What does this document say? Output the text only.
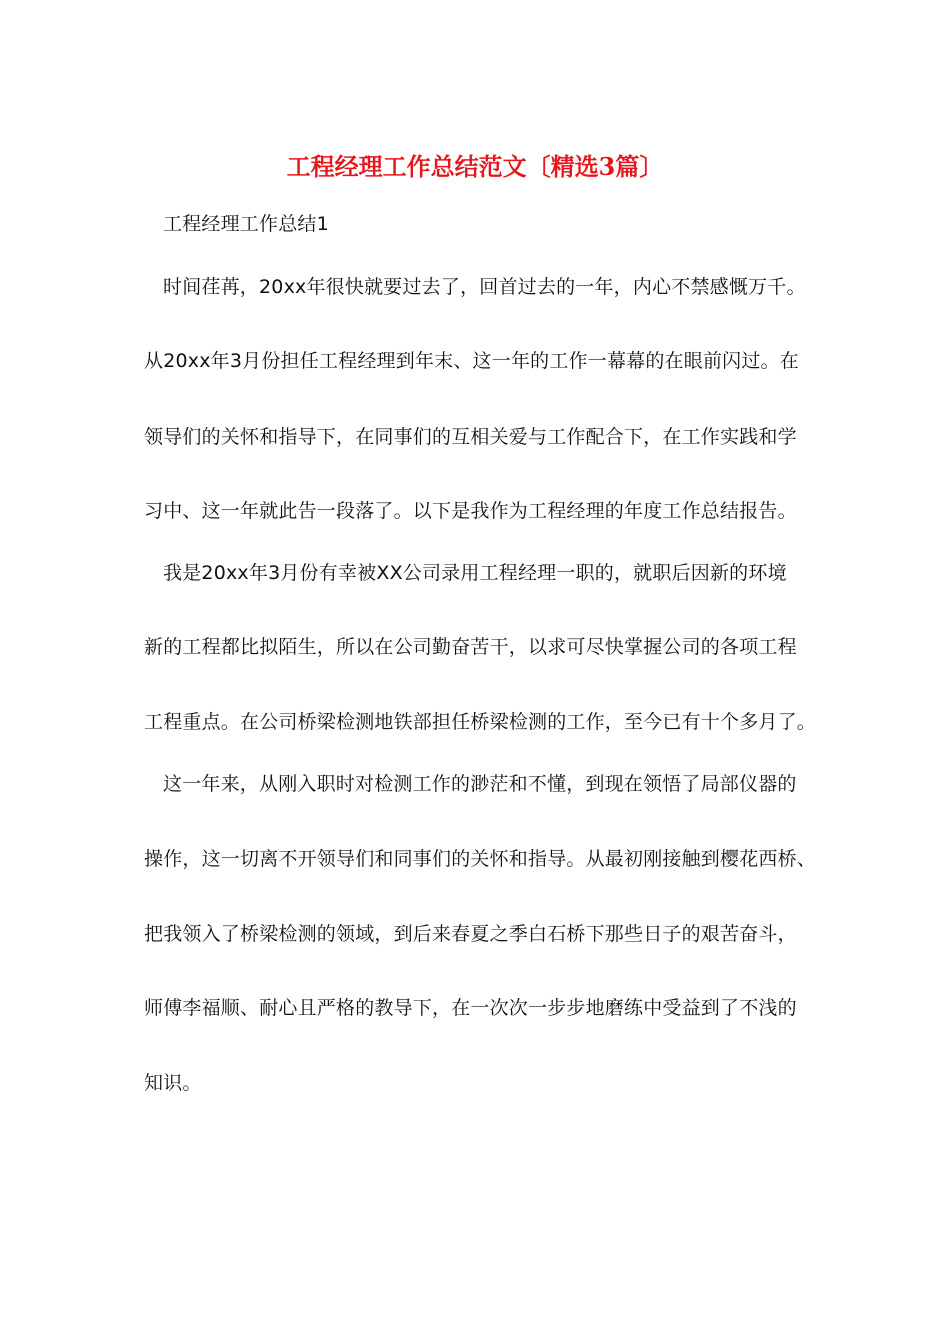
工程经理工作总结范文〔精选3篇〕
工程经理工作总结1
时间荏苒，20xx年很快就要过去了，回首过去的一年，内心不禁感慨万千。
从20xx年3月份担任工程经理到年末、这一年的工作一幕幕的在眼前闪过。在
领导们的关怀和指导下，在同事们的互相关爱与工作配合下，在工作实践和学
习中、这一年就此告一段落了。以下是我作为工程经理的年度工作总结报告。
我是20xx年3月份有幸被XX公司录用工程经理一职的，就职后因新的环境
新的工程都比拟陌生，所以在公司勤奋苦干，以求可尽快掌握公司的各项工程
工程重点。在公司桥梁检测地铁部担任桥梁检测的工作，至今已有十个多月了。
这一年来，从刚入职时对检测工作的渺茫和不懂，到现在领悟了局部仪器的
操作，这一切离不开领导们和同事们的关怀和指导。从最初刚接触到樱花西桥、
把我领入了桥梁检测的领域，到后来春夏之季白石桥下那些日子的艰苦奋斗，
师傅李福顺、耐心且严格的教导下，在一次次一步步地磨练中受益到了不浅的
知识。
